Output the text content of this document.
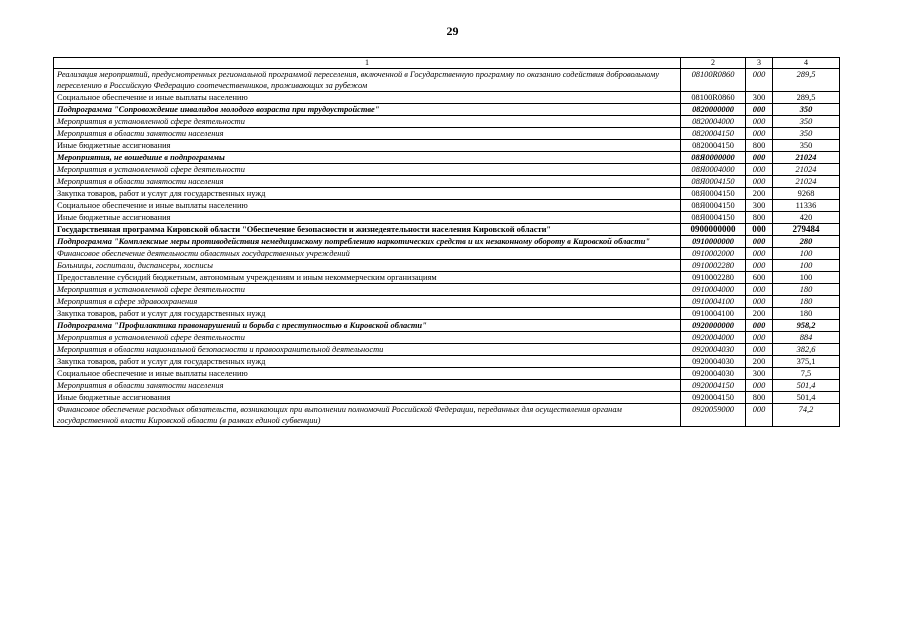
29
1	2	3	4
Реализация мероприятий, предусмотренных региональной программой переселения, включенной в Государственную программу по оказанию содействия добровольному переселению в Российскую Федерацию соотечественников, проживающих за рубежом	08100R0860	000	289,5
Социальное обеспечение и иные выплаты населению	08100R0860	300	289,5
Подпрограмма "Сопровождение инвалидов молодого возраста при трудоустройстве"	0820000000	000	350
Мероприятия в установленной сфере деятельности	0820004000	000	350
Мероприятия в области занятости населения	0820004150	000	350
Иные бюджетные ассигнования	0820004150	800	350
Мероприятия, не вошедшие в подпрограммы	08Я0000000	000	21024
Мероприятия в установленной сфере деятельности	08Я0004000	000	21024
Мероприятия в области занятости населения	08Я0004150	000	21024
Закупка товаров, работ и услуг для государственных нужд	08Я0004150	200	9268
Социальное обеспечение и иные выплаты населению	08Я0004150	300	11336
Иные бюджетные ассигнования	08Я0004150	800	420
Государственная программа Кировской области "Обеспечение безопасности и жизнедеятельности населения Кировской области"	0900000000	000	279484
Подпрограмма "Комплексные меры противодействия немедицинскому потреблению наркотических средств и их незаконному обороту в Кировской области"	0910000000	000	280
Финансовое обеспечение деятельности областных государственных учреждений	0910002000	000	100
Больницы, госпитали, диспансеры, хосписы	0910002280	000	100
Предоставление субсидий бюджетным, автономным учреждениям и иным некоммерческим организациям	0910002280	600	100
Мероприятия в установленной сфере деятельности	0910004000	000	180
Мероприятия в сфере здравоохранения	0910004100	000	180
Закупка товаров, работ и услуг для государственных нужд	0910004100	200	180
Подпрограмма "Профилактика правонарушений и борьба с преступностью в Кировской области"	0920000000	000	958,2
Мероприятия в установленной сфере деятельности	0920004000	000	884
Мероприятия в области национальной безопасности и правоохранительной деятельности	0920004030	000	382,6
Закупка товаров, работ и услуг для государственных нужд	0920004030	200	375,1
Социальное обеспечение и иные выплаты населению	0920004030	300	7,5
Мероприятия в области занятости населения	0920004150	000	501,4
Иные бюджетные ассигнования	0920004150	800	501,4
Финансовое обеспечение расходных обязательств, возникающих при выполнении полномочий Российской Федерации, переданных для осуществления органам государственной власти Кировской области (в рамках единой субвенции)	0920059000	000	74,2
